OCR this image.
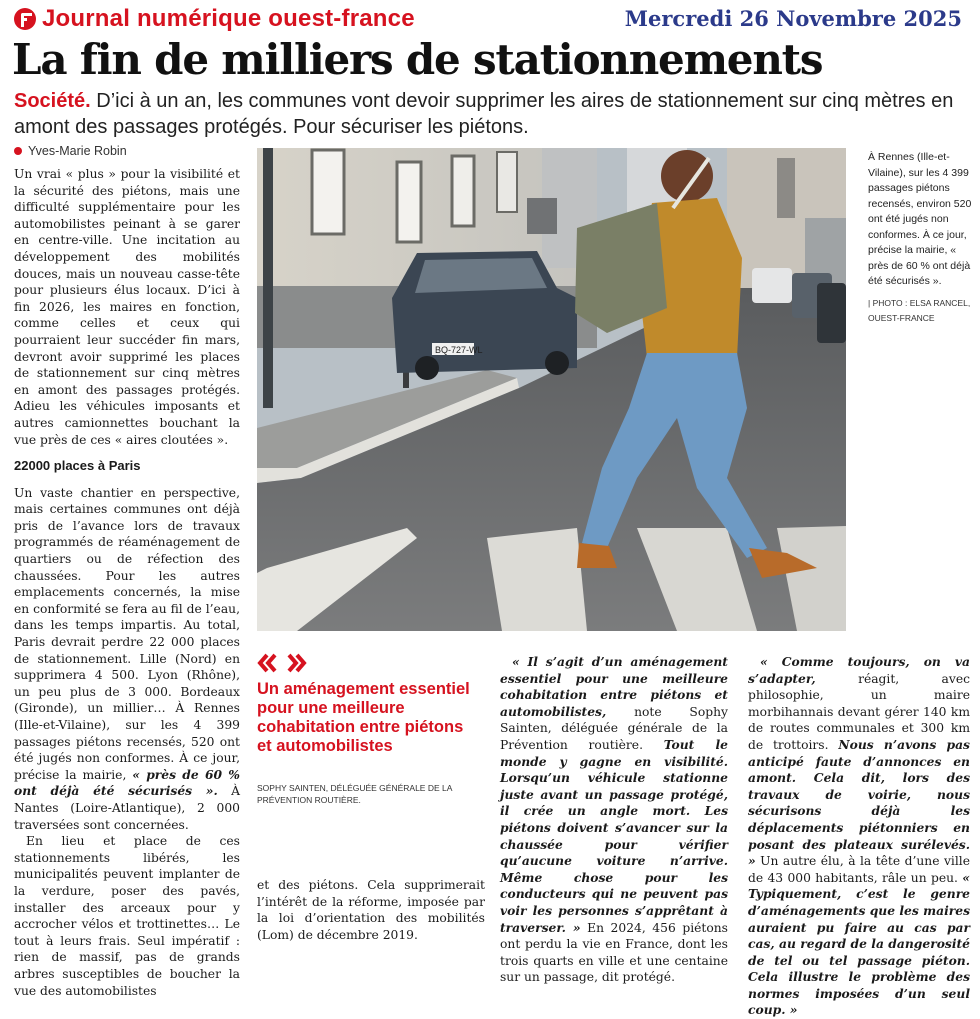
Journal numérique ouest-france	Mercredi 26 Novembre 2025
La fin de milliers de stationnements
Société. D’ici à un an, les communes vont devoir supprimer les aires de stationnement sur cinq mètres en amont des passages protégés. Pour sécuriser les piétons.
Yves-Marie Robin

Un vrai « plus » pour la visibilité et la sécurité des piétons, mais une difficulté supplémentaire pour les automobilistes peinant à se garer en centre-ville. Une incitation au développement des mobilités douces, mais un nouveau casse-tête pour plusieurs élus locaux. D’ici à fin 2026, les maires en fonction, comme celles et ceux qui pourraient leur succéder fin mars, devront avoir supprimé les places de stationnement sur cinq mètres en amont des passages protégés. Adieu les véhicules imposants et autres camionnettes bouchant la vue près de ces « aires cloutées ».

22000 places à Paris

Un vaste chantier en perspective, mais certaines communes ont déjà pris de l’avance lors de travaux programmés de réaménagement de quartiers ou de réfection des chaussées. Pour les autres emplacements concernés, la mise en conformité se fera au fil de l’eau, dans les temps impartis. Au total, Paris devrait perdre 22 000 places de stationnement. Lille (Nord) en supprimera 4 500. Lyon (Rhône), un peu plus de 3 000. Bordeaux (Gironde), un millier… À Rennes (Ille-et-Vilaine), sur les 4 399 passages piétons recensés, 520 ont été jugés non conformes. À ce jour, précise la mairie, « près de 60 % ont déjà été sécurisés ». À Nantes (Loire-Atlantique), 2 000 traversées sont concernées.

En lieu et place de ces stationnements libérés, les municipalités peuvent implanter de la verdure, poser des pavés, installer des arceaux pour y accrocher vélos et trottinettes… Le tout à leurs frais. Seul impératif : rien de massif, pas de grands arbres susceptibles de boucher la vue des automobilistes

BQ-727-WL
À Rennes (Ille-et-Vilaine), sur les 4 399 passages piétons recensés, environ 520 ont été jugés non conformes. À ce jour, précise la mairie, « près de 60 % ont déjà été sécurisés ».
| PHOTO : ELSA RANCEL, OUEST-FRANCE
Un aménagement essentiel pour une meilleure cohabitation entre piétons et automobilistes
SOPHY SAINTEN, DÉLÉGUÉE GÉNÉRALE DE LA PRÉVENTION ROUTIÈRE.

et des piétons. Cela supprimerait l’intérêt de la réforme, imposée par la loi d’orientation des mobilités (Lom) de décembre 2019.

« Il s’agit d’un aménagement essentiel pour une meilleure cohabitation entre piétons et automobilistes, note Sophy Sainten, déléguée générale de la Prévention routière. Tout le monde y gagne en visibilité. Lorsqu’un véhicule stationne juste avant un passage protégé, il crée un angle mort. Les piétons doivent s’avancer sur la chaussée pour vérifier qu’aucune voiture n’arrive. Même chose pour les conducteurs qui ne peuvent pas voir les personnes s’apprêtant à traverser. » En 2024, 456 piétons ont perdu la vie en France, dont les trois quarts en ville et une centaine sur un passage, dit protégé.

« Comme toujours, on va s’adapter,	réagit, avec philosophie, un maire morbihannais devant gérer 140 km de routes communales et 300 km de trottoirs. Nous n’avons pas anticipé faute d’annonces en amont. Cela dit, lors des travaux de voirie, nous sécurisons déjà les déplacements piétonniers en posant des plateaux surélevés. » Un autre élu, à la tête d’une ville de 43 000 habitants, râle un peu. « Typiquement, c’est le genre d’aménagements que les maires auraient pu faire au cas par cas, au regard de la dangerosité de tel ou tel passage piéton. Cela illustre le problème des normes imposées d’un seul coup. »
